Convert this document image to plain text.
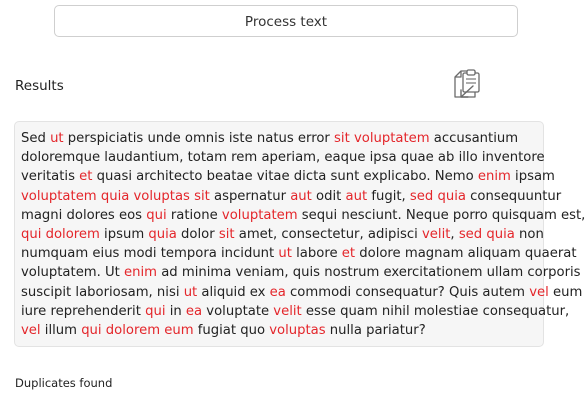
Process text
Results
Sed ut perspiciatis unde omnis iste natus error sit voluptatem accusantium
doloremque laudantium, totam rem aperiam, eaque ipsa quae ab illo inventore
veritatis et quasi architecto beatae vitae dicta sunt explicabo. Nemo enim ipsam
voluptatem quia voluptas sit aspernatur aut odit aut fugit, sed quia consequuntur
magni dolores eos qui ratione voluptatem sequi nesciunt. Neque porro quisquam est,
qui dolorem ipsum quia dolor sit amet, consectetur, adipisci velit, sed quia non
numquam eius modi tempora incidunt ut labore et dolore magnam aliquam quaerat
voluptatem. Ut enim ad minima veniam, quis nostrum exercitationem ullam corporis
suscipit laboriosam, nisi ut aliquid ex ea commodi consequatur? Quis autem vel eum
iure reprehenderit qui in ea voluptate velit esse quam nihil molestiae consequatur,
vel illum qui dolorem eum fugiat quo voluptas nulla pariatur?
Duplicates found
